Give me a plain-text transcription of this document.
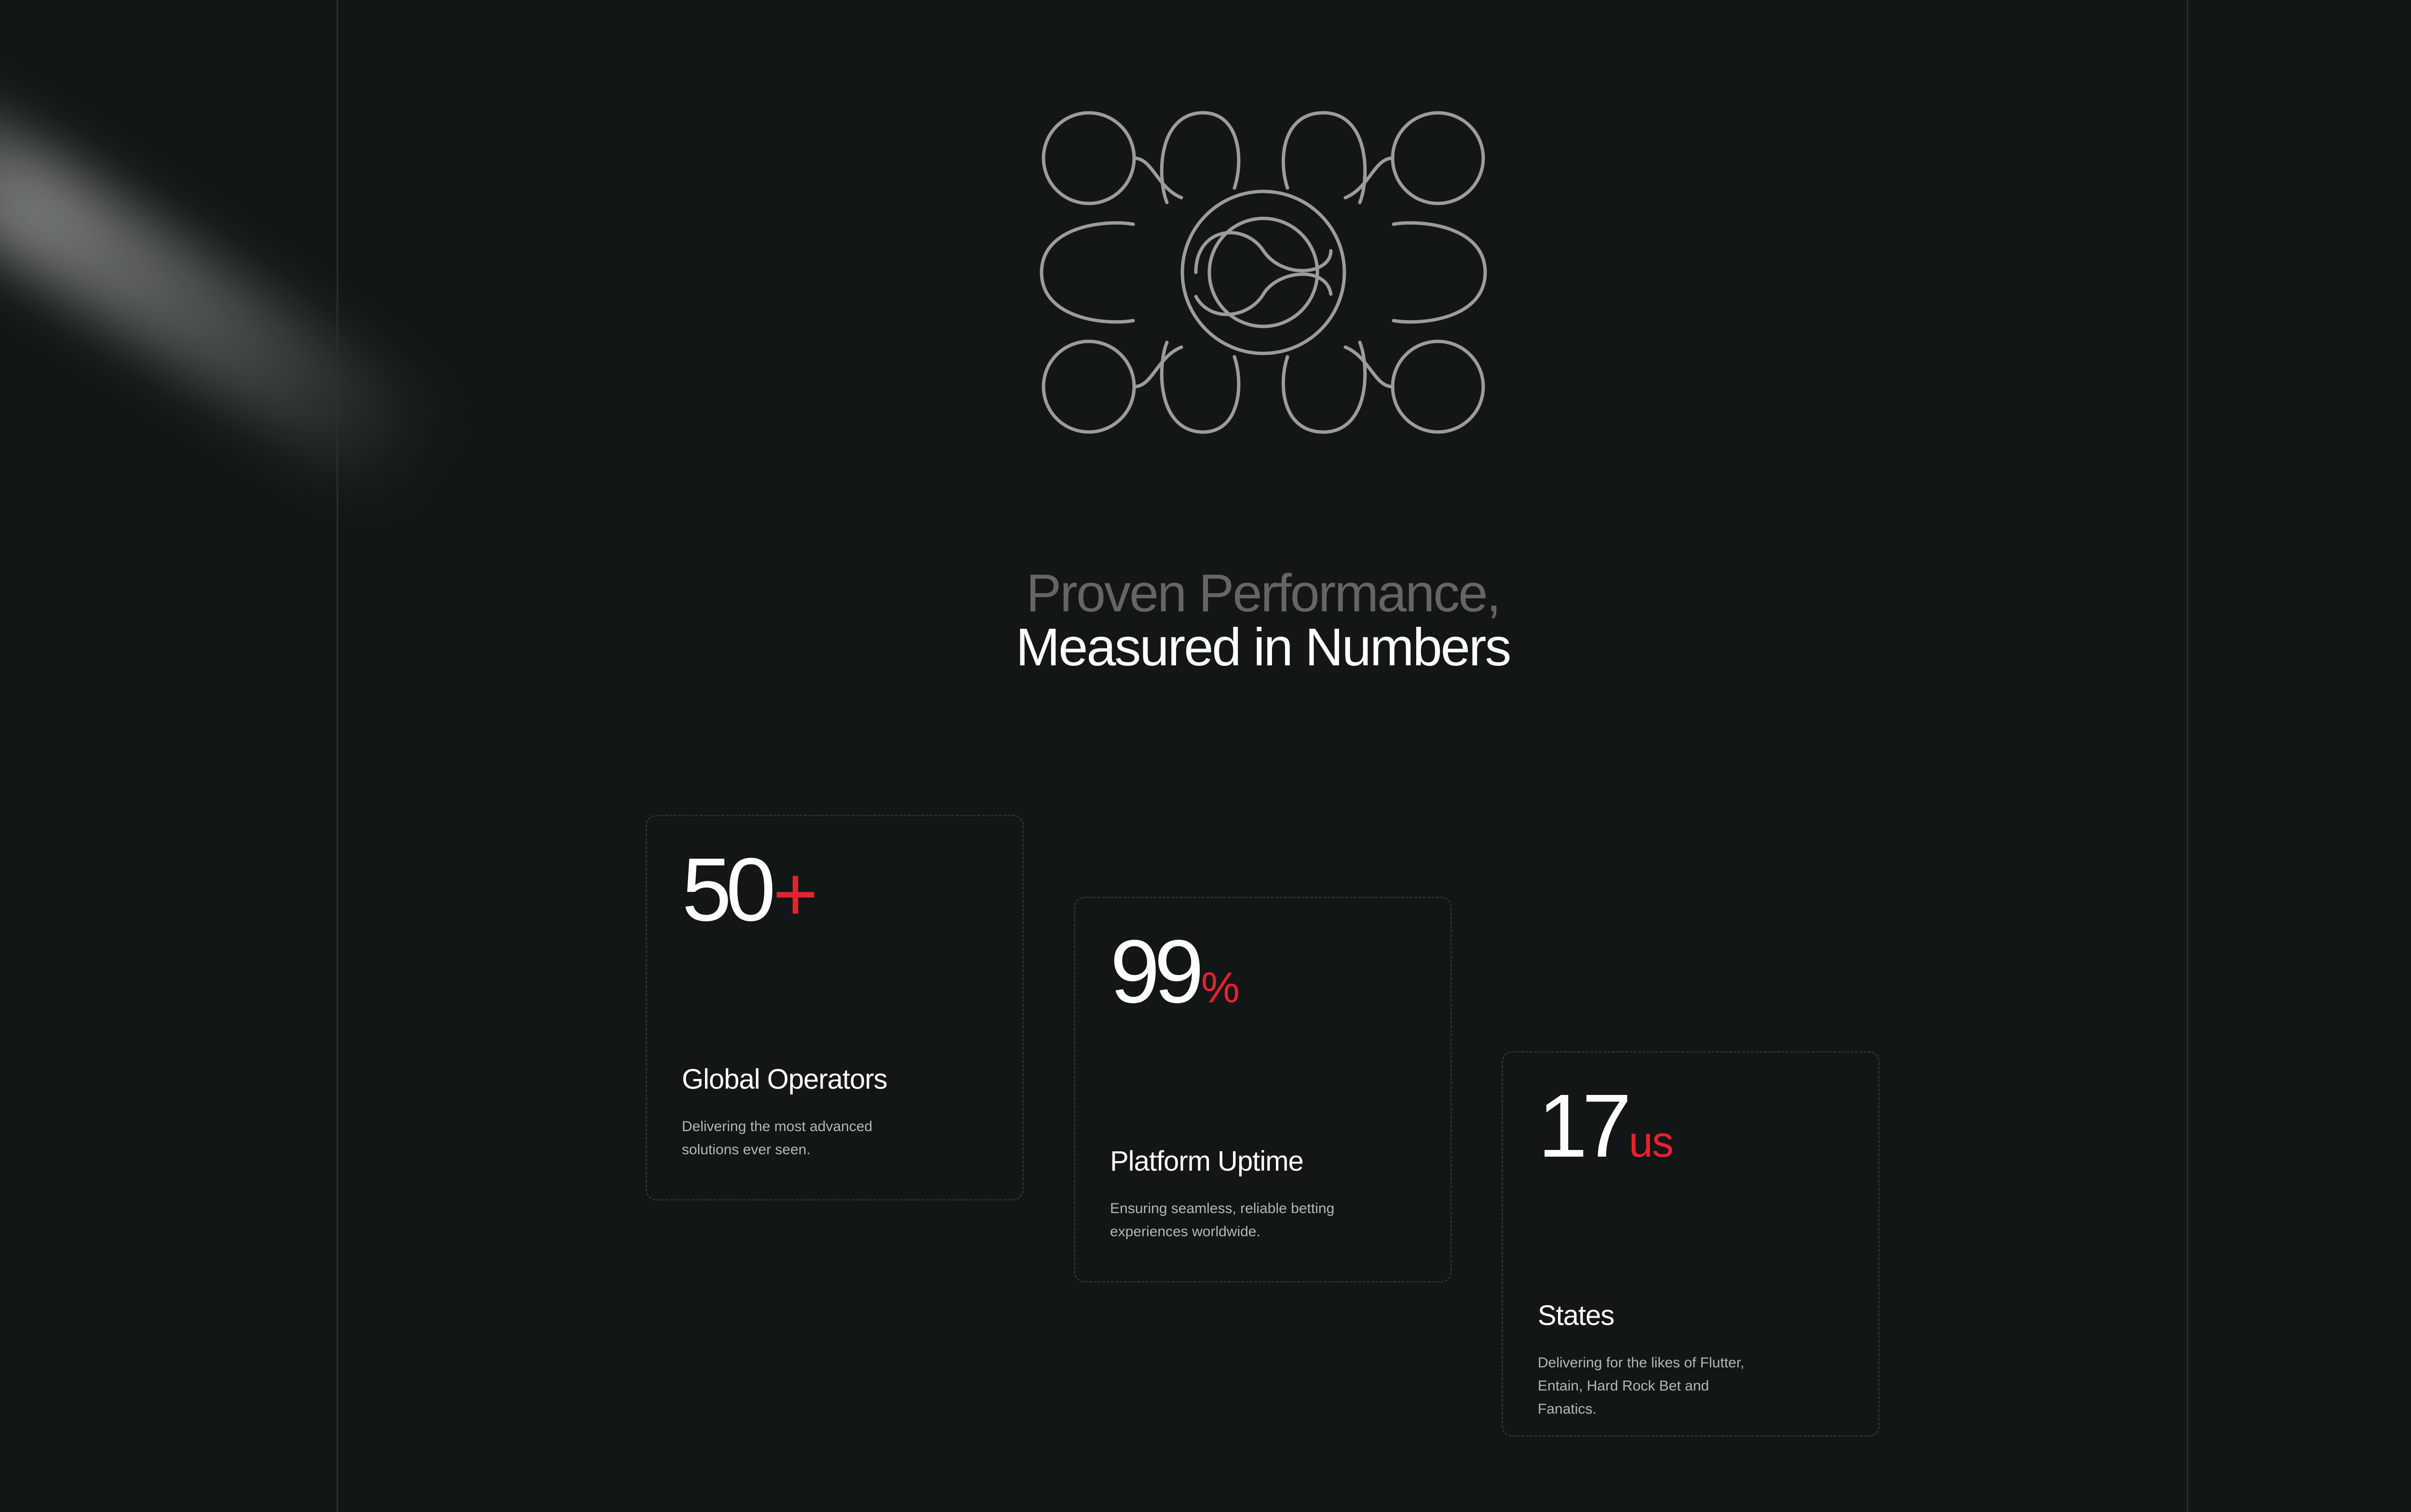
Proven Performance,
Measured in Numbers
50+
Global Operators
Delivering the most advanced solutions ever seen.
99%
Platform Uptime
Ensuring seamless, reliable betting experiences worldwide.
17us
States
Delivering for the likes of Flutter, Entain, Hard Rock Bet and Fanatics.
